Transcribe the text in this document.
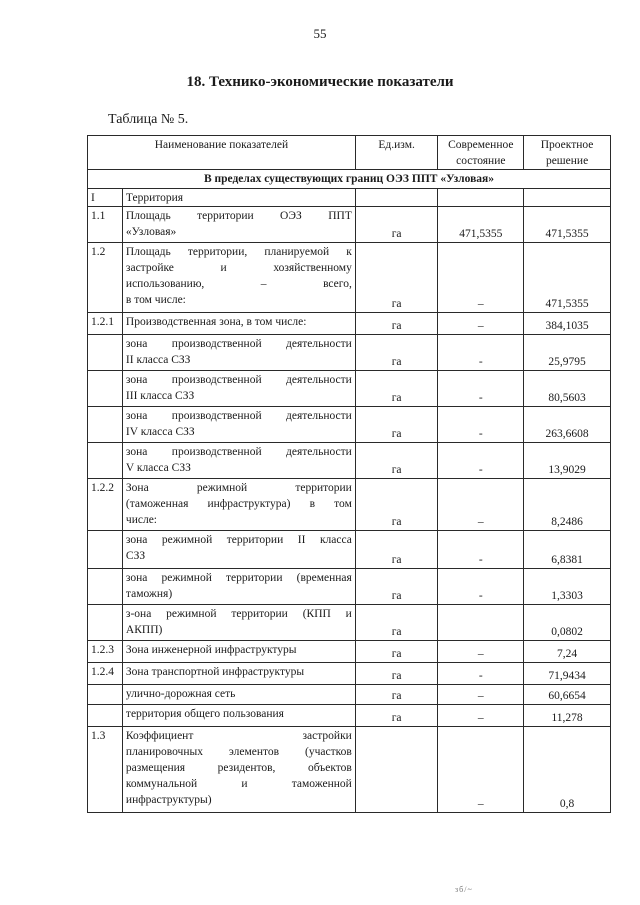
55
18. Технико-экономические показатели
Таблица № 5.
Наименование показателей		Ед.изм.	Современное
состояние	Проектное
решение

В пределах существующих границ ОЭЗ ППТ «Узловая»				
I	Территория			

1.1	Площадь территории ОЭЗ ППТ
«Узловая»	га	471,5355	471,5355
1.2	Площадь территории, планируемой к
застройке и хозяйственному
использованию, – всего,
в том числе:	га	–	471,5355
1.2.1	Производственная зона, в том числе:	га	–	384,1035

	зона производственной деятельности
II класса СЗЗ	га	-	25,9795

	зона производственной деятельности
III класса СЗЗ	га	-	80,5603

	зона производственной деятельности
IV класса СЗЗ	га	-	263,6608

	зона производственной деятельности
V класса СЗЗ	га	-	13,9029
1.2.2	Зона режимной территории
(таможенная инфраструктура) в том
числе:	га	–	8,2486

	зона режимной территории II класса
СЗЗ	га	-	6,8381

	зона режимной территории (временная
таможня)	га	-	1,3303

	з-она режимной территории (КПП и
АКПП)	га		0,0802
1.2.3	Зона инженерной инфраструктуры	га	–	7,24
1.2.4	Зона транспортной инфраструктуры	га	-	71,9434

	улично-дорожная сеть	га	–	60,6654

	территория общего пользования	га	–	11,278
1.3	Коэффициент застройки
планировочных элементов (участков
размещения резидентов, объектов
коммунальной и таможенной
инфраструктуры)		–	0,8
зб/~
